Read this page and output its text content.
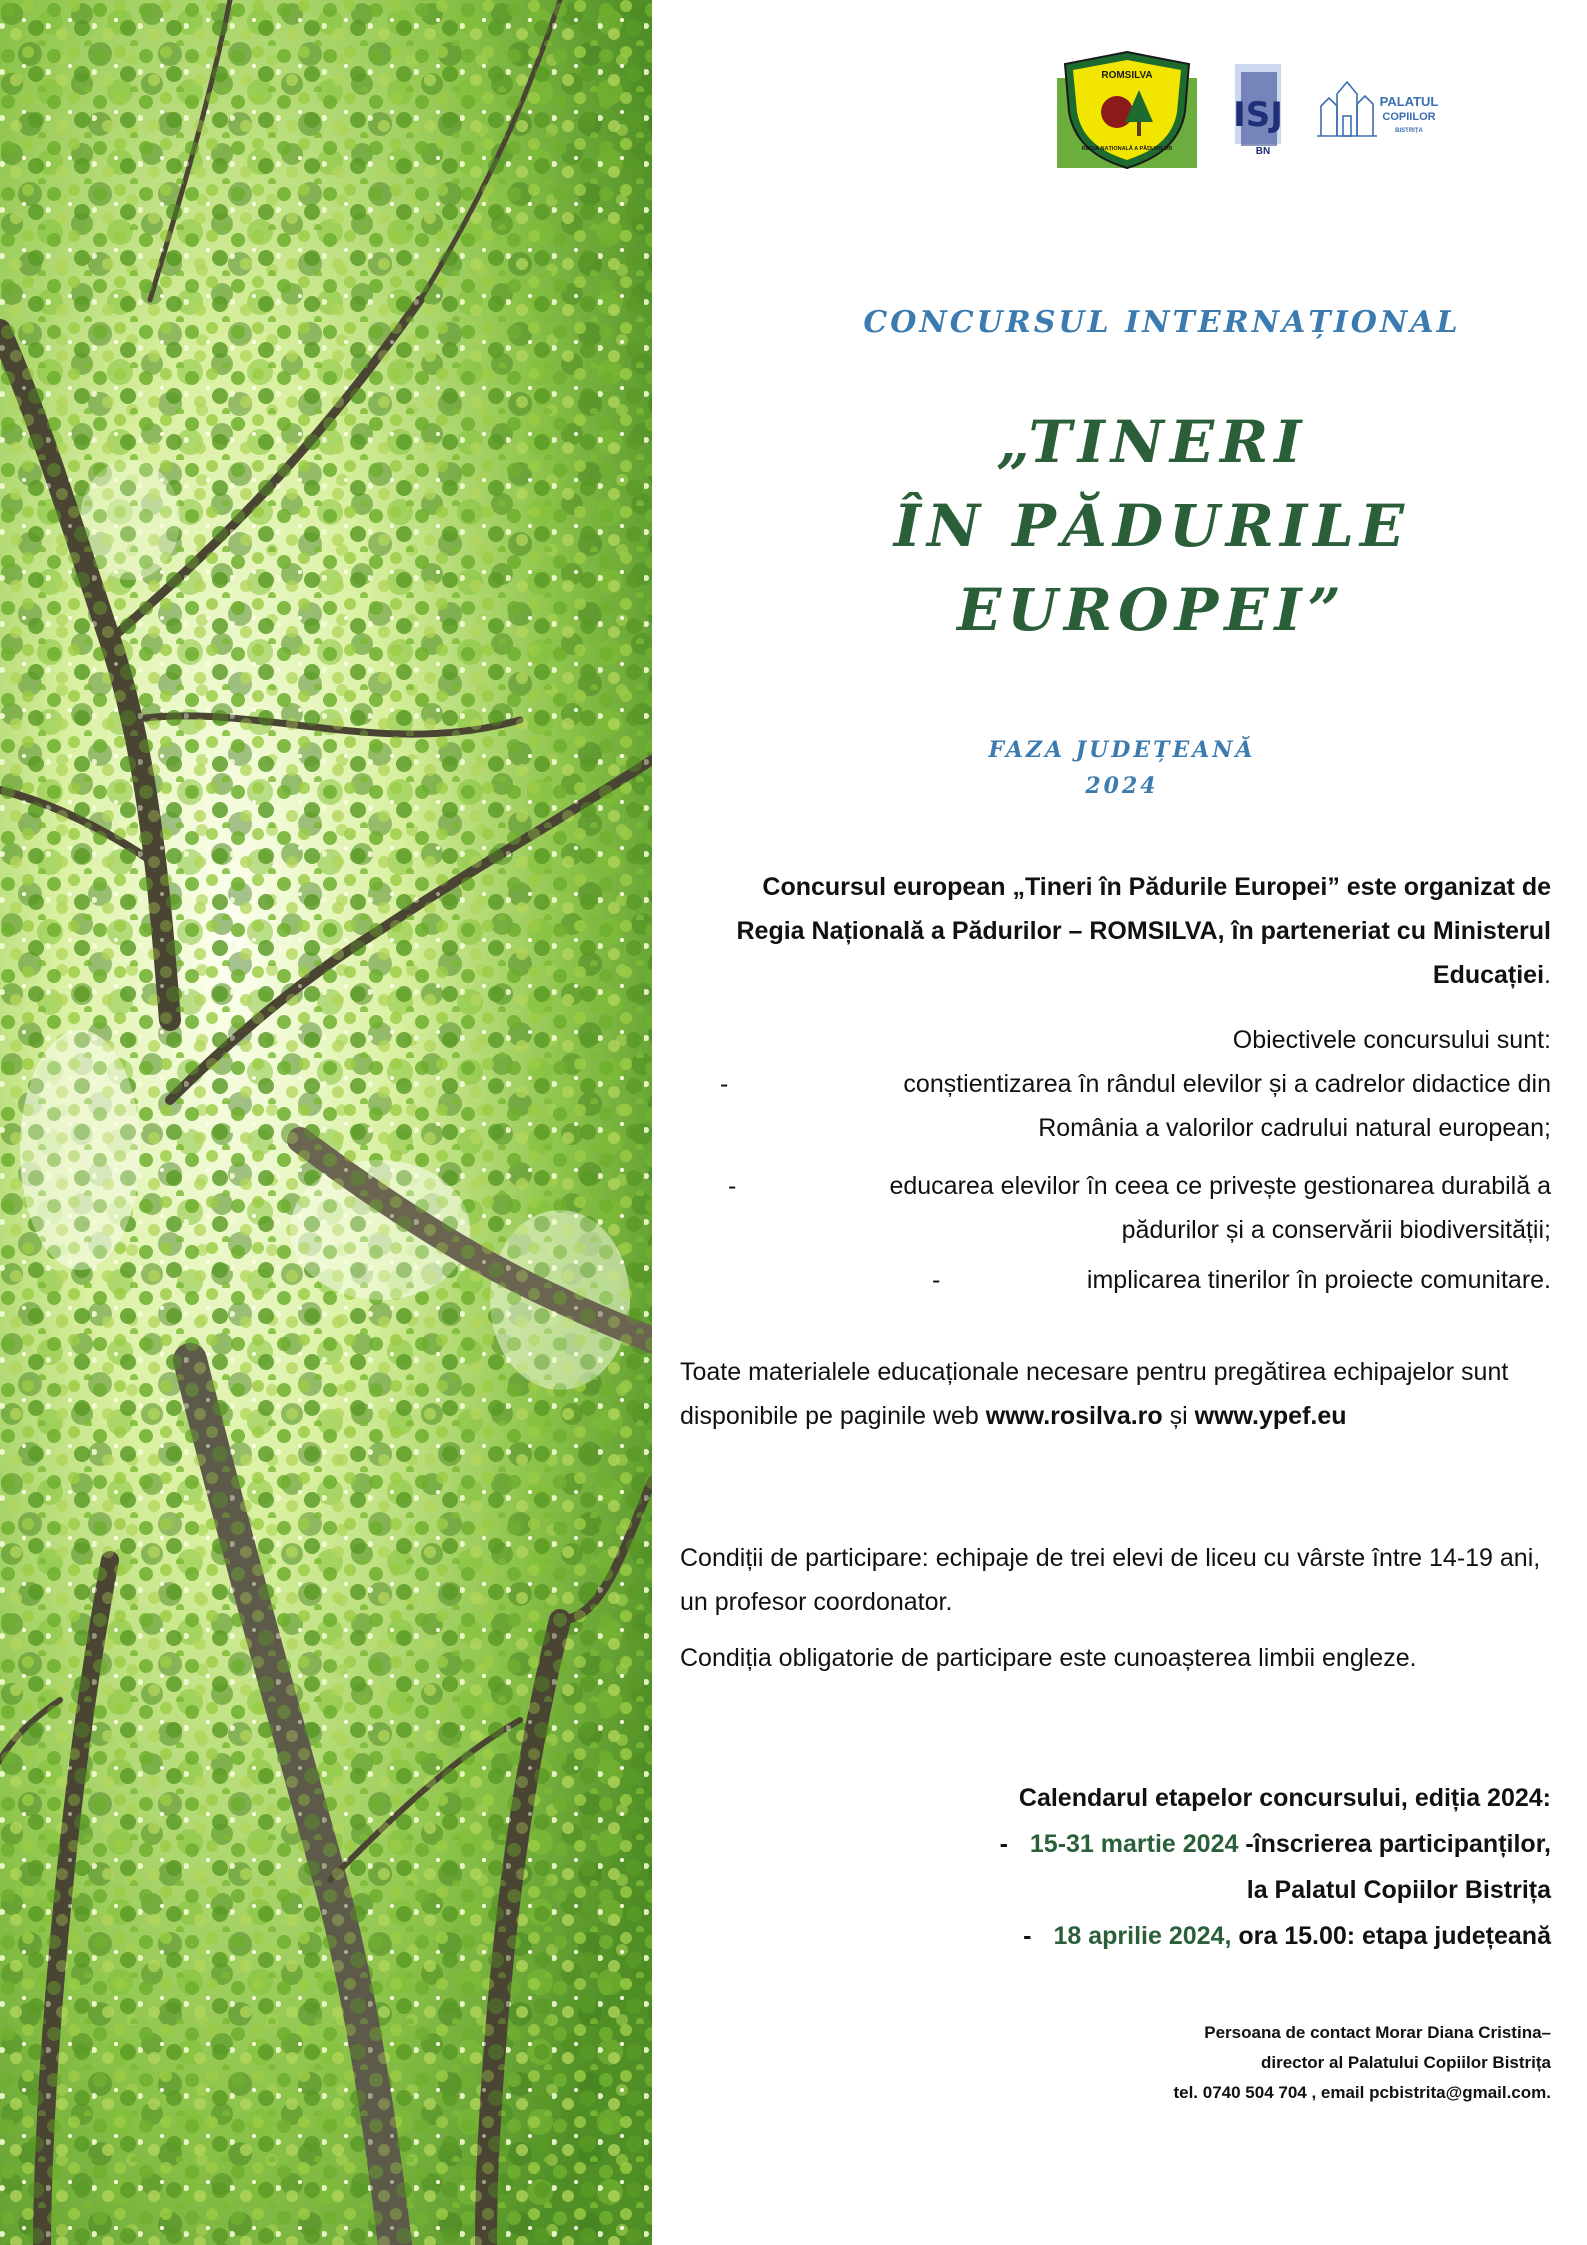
ROMSILVA
REGIA NAȚIONALĂ A PĂDURILOR
ISJ
BN
PALATUL
COPIILOR
BISTRIȚA
CONCURSUL INTERNAȚIONAL
„TINERI
ÎN PĂDURILE
EUROPEI”
FAZA JUDEȚEANĂ
2024
Concursul european „Tineri în Pădurile Europei” este organizat de Regia Națională a Pădurilor – ROMSILVA, în parteneriat cu Ministerul Educației.
Obiectivele concursului sunt:
-	conștientizarea în rândul elevilor și a cadrelor didactice din
România a valorilor cadrului natural european;
-	educarea elevilor în ceea ce privește gestionarea durabilă a
pădurilor și a conservării biodiversității;
-	implicarea tinerilor în proiecte comunitare.
Toate materialele educaționale necesare pentru pregătirea echipajelor sunt disponibile pe paginile web www.rosilva.ro și www.ypef.eu
Condiții de participare: echipaje de trei elevi de liceu cu vârste între 14-19 ani, un profesor coordonator.
Condiția obligatorie de participare este cunoașterea limbii engleze.
Calendarul etapelor concursului, ediția 2024:
- 15-31 martie 2024 -înscrierea participanților,
la Palatul Copiilor Bistrița
- 18 aprilie 2024, ora 15.00: etapa județeană
Persoana de contact Morar Diana Cristina–
director al Palatului Copiilor Bistrița
tel. 0740 504 704 , email pcbistrita@gmail.com.
